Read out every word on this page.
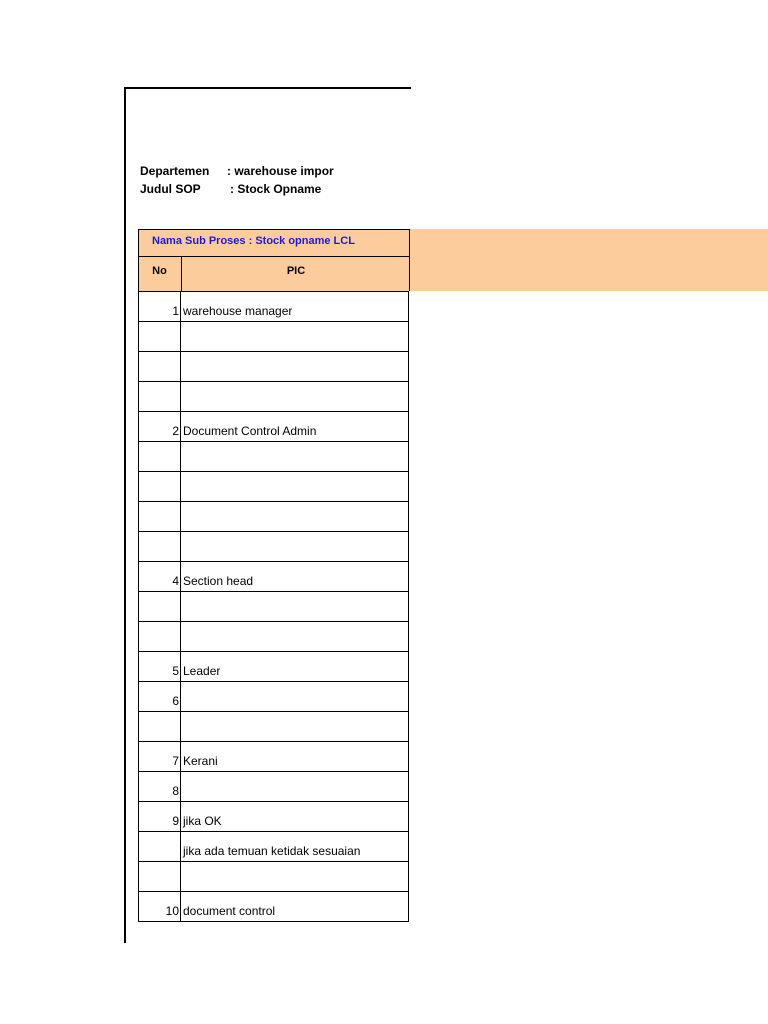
Departemen : warehouse impor
Judul SOP : Stock Opname
Nama Sub Proses : Stock opname LCL
No	PIC
1	warehouse manager

2	Document Control Admin

4	Section head

5	Leader
6	

7	Kerani
8	
9	jika OK
	jika ada temuan ketidak sesuaian

10	document control
